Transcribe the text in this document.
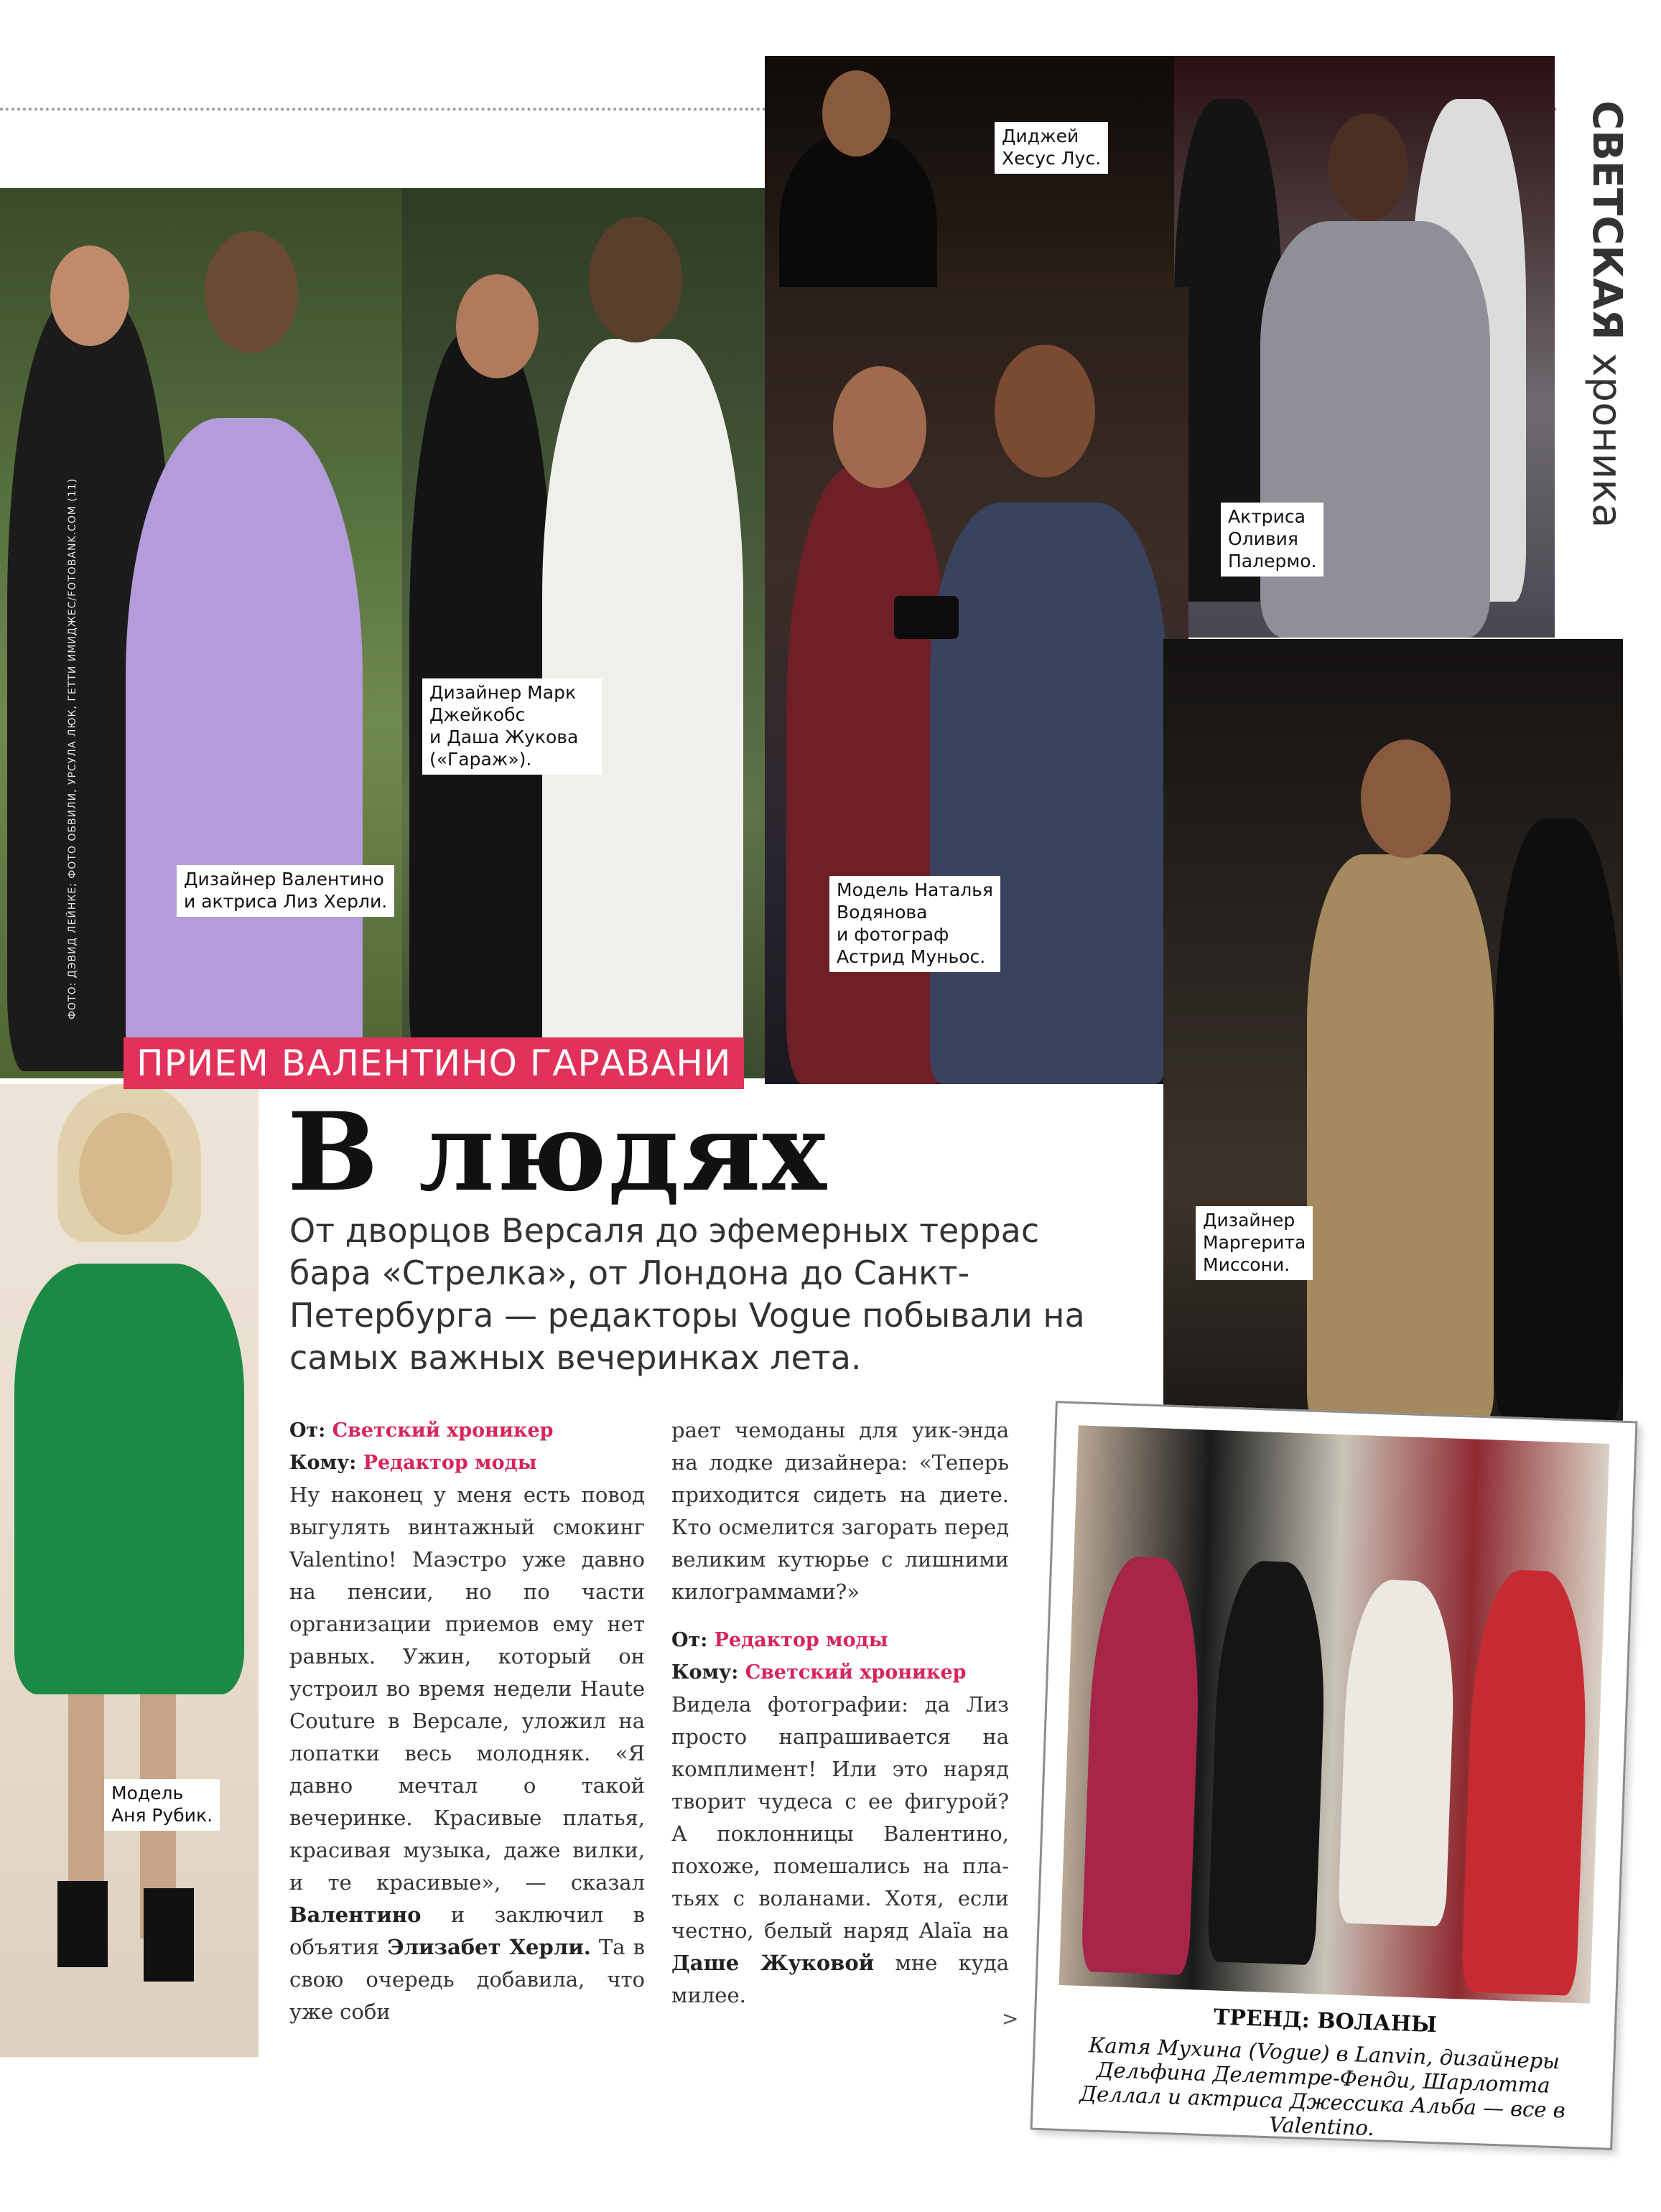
СВЕТСКАЯ хроника
ФОТО: ДЭВИД ЛЕЙНКЕ; ФОТО ОБВИЛИ, УРСУЛА ЛЮК, ГЕТТИ ИМИДЖЕС/FOTOBANK.COM (11)	Дизайнер Валентино
и актриса Лиз Херли.
Дизайнер Марк
Джейкобс
и Даша Жукова
(«Гараж»).
Диджей
Хесус Лус.
Актриса
Оливия
Палермо.
Модель Наталья
Водянова
и фотограф
Астрид Муньос.
Дизайнер
Маргерита
Миссони.
Модель
Аня Рубик.
ПРИЕМ ВАЛЕНТИНО ГАРАВАНИ
В людях
От дворцов Версаля до эфемерных террас бара «Стрелка», от Лондона до Санкт-Петербурга — редакторы Vogue побывали на самых важных вечеринках лета.

От: Светский хроникер

Кому: Редактор моды

Ну наконец у меня есть повод выгулять винтажный смокинг Valentino! Маэстро уже давно на пенсии, но по части организации приемов ему нет равных. Ужин, который он устроил во время недели Haute Couture в Версале, уложил на лопатки весь молодняк. «Я давно мечтал о такой вечеринке. Красивые платья, красивая музыка, даже вилки, и те красивые», — сказал Валентино и заключил в объятия Элизабет Херли. Та в свою очередь добавила, что уже соби

рает чемоданы для уик-энда на лодке дизайнера: «Теперь приходится сидеть на диете. Кто осмелится загорать перед великим кутюрье с лишними килограммами?»

От: Редактор моды

Кому: Светский хроникер

Видела фотографии: да Лиз просто напрашивается на комплимент! Или это наряд творит чудеса с ее фигурой? А поклонницы Валентино, похоже, помешались на платьях с воланами. Хотя, если честно, белый наряд Alaïa на Даше Жуковой мне куда милее.

>	ТРЕНД: ВОЛАНЫ
Катя Мухина (Vogue) в Lanvin, дизайнеры Дельфина Делеттре-Фенди, Шарлотта Деллал и актриса Джессика Альба — все в Valentino.
